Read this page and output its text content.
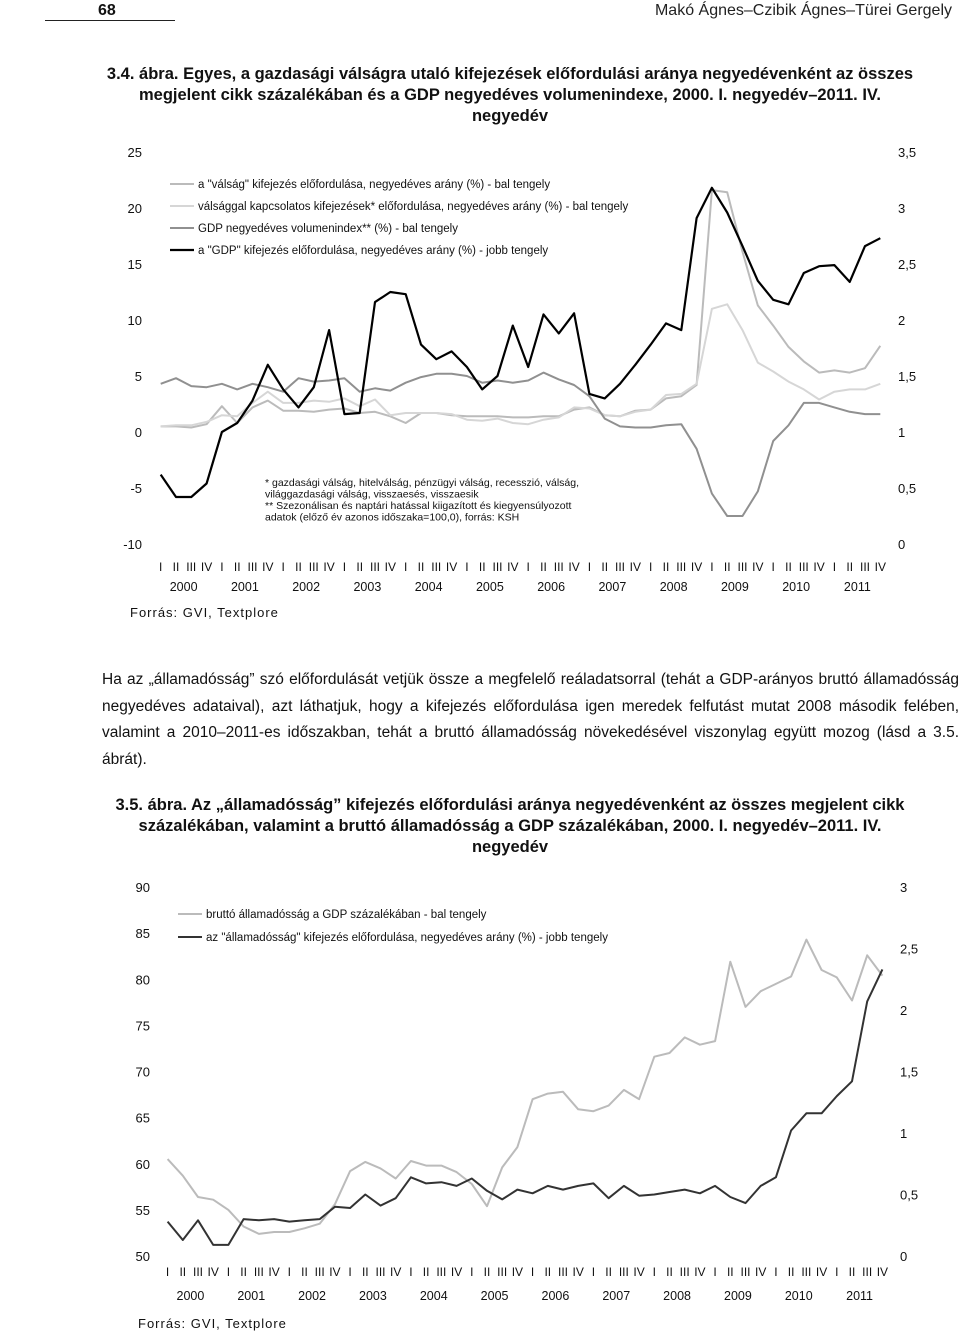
68	Makó Ágnes–Czibik Ágnes–Türei Gergely
3.4. ábra. Egyes, a gazdasági válságra utaló kifejezések előfordulási aránya negyedévenként az összes megjelent cikk százalékában és a GDP negyedéves volumenindexe, 2000. I. negyedév–2011. IV. negyedév
-10
-5
0
5
10
15
20
25
0
0,5
1
1,5
2
2,5
3
3,5
I II III IV I II III IV I II III IV I II III IV I II III IV I II III IV I II III IV I II III IV I II III IV I II III IV I II III IV I II III IV
2000	2001	2002	2003	2004	2005	2006	2007	2008	2009	2010	2011
a "válság" kifejezés előfordulása, negyedéves arány (%) - bal tengely
válsággal kapcsolatos kifejezések* előfordulása, negyedéves arány (%) - bal tengely
GDP negyedéves volumenindex** (%) - bal tengely
a "GDP" kifejezés előfordulása, negyedéves arány (%) - jobb tengely
* gazdasági válság, hitelválság, pénzügyi válság, recesszió, válság,
világgazdasági válság, visszaesés, visszaesik
** Szezonálisan és naptári hatással kiigazított és kiegyensúlyozott
adatok (előző év azonos időszaka=100,0), forrás: KSH
Forrás: GVI, Textplore
Ha az „államadósság” szó előfordulását vetjük össze a megfelelő reáladatsorral (tehát a GDP-arányos bruttó államadósság negyedéves adataival), azt láthatjuk, hogy a kifejezés előfordulása igen meredek felfutást mutat 2008 második felében, valamint a 2010–2011-es időszakban, tehát a bruttó államadósság növekedésével viszonylag együtt mozog (lásd a 3.5. ábrát).
3.5. ábra. Az „államadósság” kifejezés előfordulási aránya negyedévenként az összes megjelent cikk százalékában, valamint a bruttó államadósság a GDP százalékában, 2000. I. negyedév–2011. IV. negyedév
50
55
60
65
70
75
80
85
90
0
0,5
1
1,5
2
2,5
3
I II III IV I II III IV I II III IV I II III IV I II III IV I II III IV I II III IV I II III IV I II III IV I II III IV I II III IV I II III IV
2000	2001	2002	2003	2004	2005	2006	2007	2008	2009	2010	2011
bruttó államadósság a GDP százalékában - bal tengely
az "államadósság" kifejezés előfordulása, negyedéves arány (%) - jobb tengely
Forrás: GVI, Textplore
